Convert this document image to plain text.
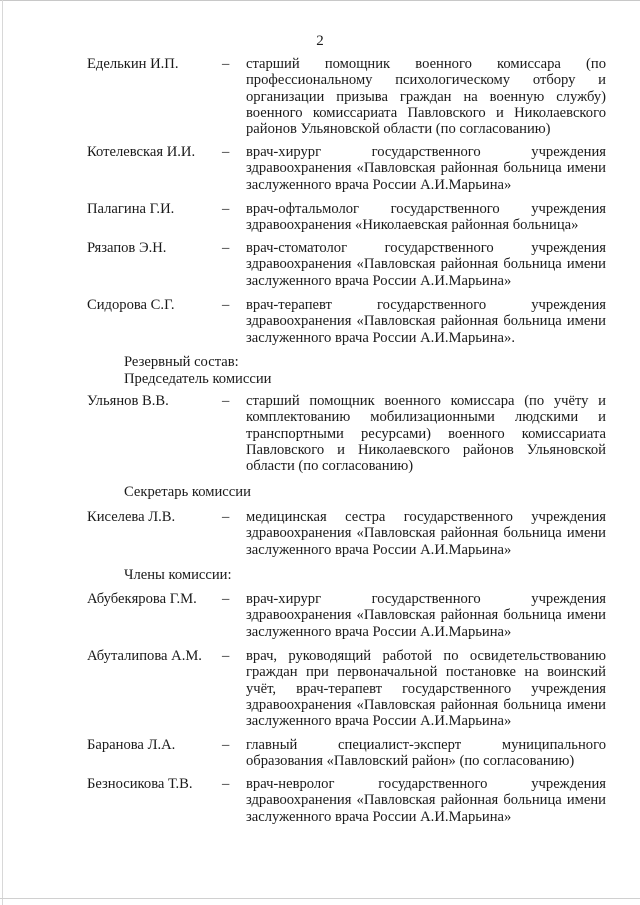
2
Еделькин И.П.	– старший помощник военного комиссара (по профессиональному психологическому отбору и организации призыва граждан на военную службу) военного комиссариата Павловского и Николаевского районов Ульяновской области (по согласованию)
Котелевская И.И. – врач-хирург государственного учреждения здравоохранения «Павловская районная больница имени заслуженного врача России А.И.Марьина»
Палагина Г.И.	– врач-офтальмолог государственного учреждения здравоохранения «Николаевская районная больница»
Рязапов Э.Н.	– врач-стоматолог государственного учреждения здравоохранения «Павловская районная больница имени заслуженного врача России А.И.Марьина»
Сидорова С.Г.	– врач-терапевт государственного учреждения здравоохранения «Павловская районная больница имени заслуженного врача России А.И.Марьина».
Резервный состав:
Председатель комиссии
Ульянов В.В.	– старший помощник военного комиссара (по учёту и комплектованию мобилизационными людскими и транспортными ресурсами) военного комиссариата Павловского и Николаевского районов Ульяновской области (по согласованию)
Секретарь комиссии
Киселева Л.В.	– медицинская сестра государственного учреждения здравоохранения «Павловская районная больница имени заслуженного врача России А.И.Марьина»
Члены комиссии:
Абубекярова Г.М. – врач-хирург государственного учреждения здравоохранения «Павловская районная больница имени заслуженного врача России А.И.Марьина»
Абуталипова А.М. – врач, руководящий работой по освидетельствованию граждан при первоначальной постановке на воинский учёт, врач-терапевт государственного учреждения здравоохранения «Павловская районная больница имени заслуженного врача России А.И.Марьина»
Баранова Л.А.	– главный специалист-эксперт муниципального образования «Павловский район» (по согласованию)
Безносикова Т.В. – врач-невролог государственного учреждения здравоохранения «Павловская районная больница имени заслуженного врача России А.И.Марьина»
